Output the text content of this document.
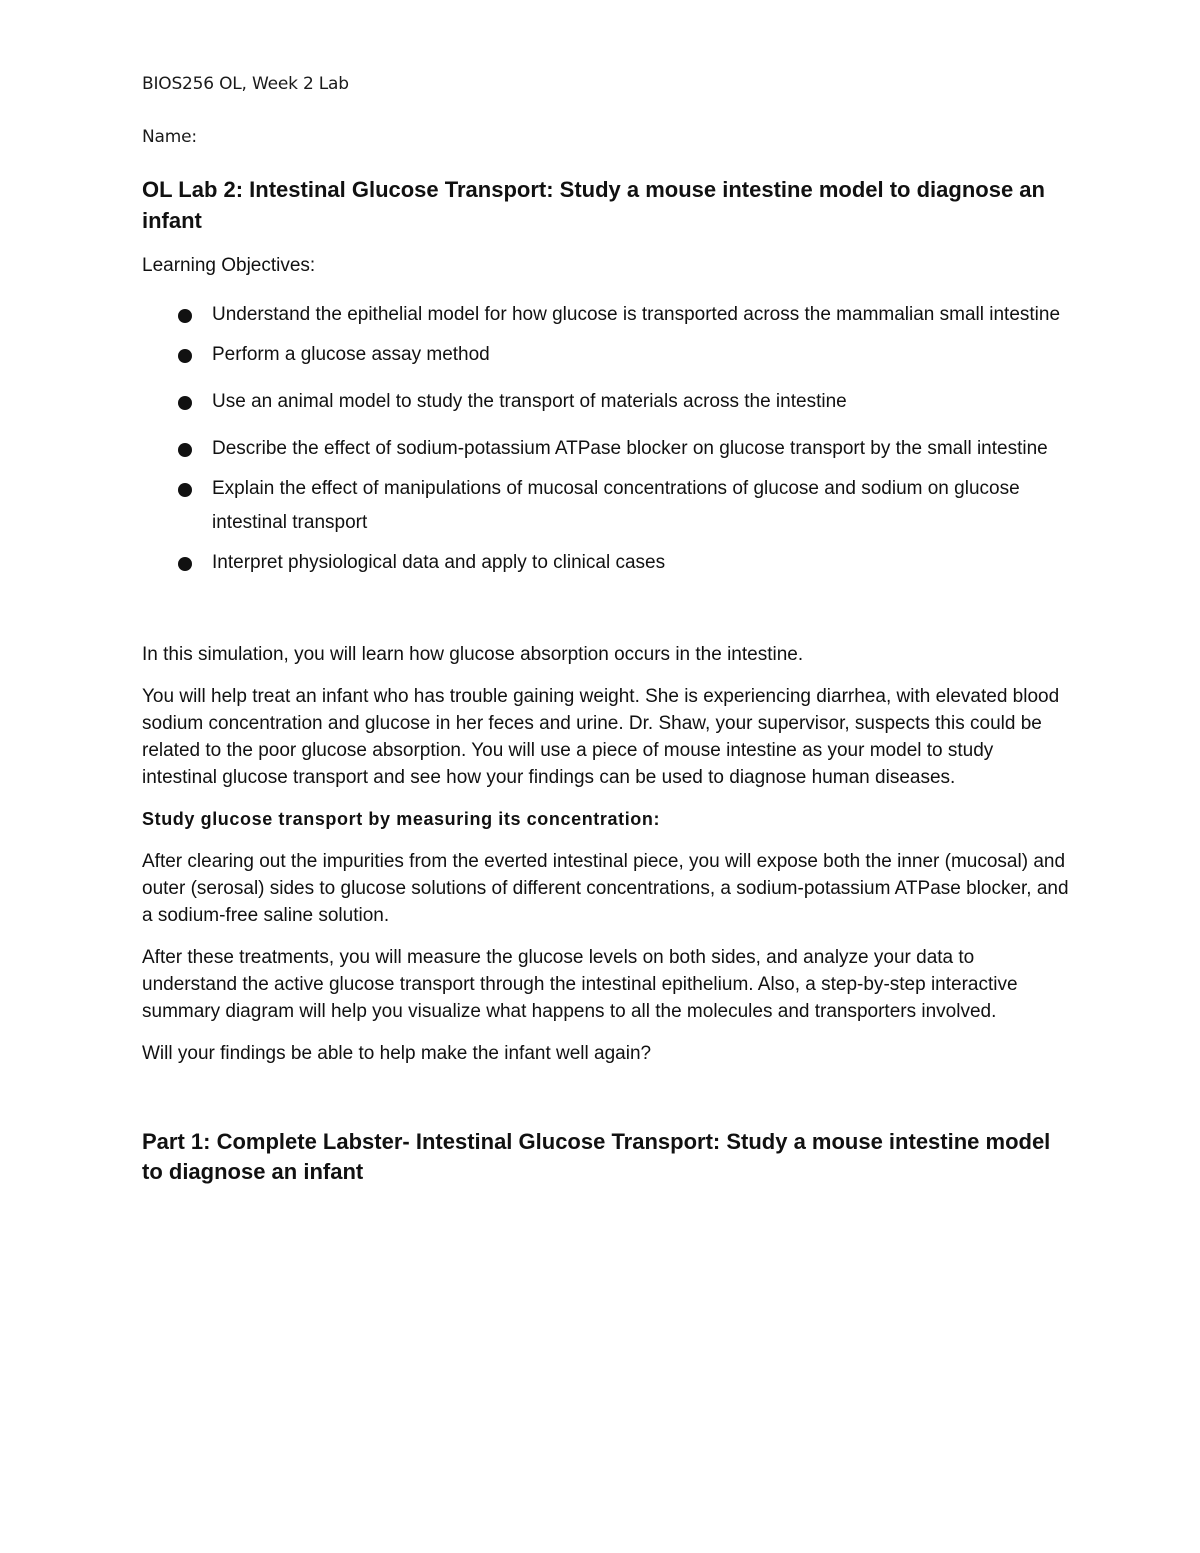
BIOS256 OL, Week 2 Lab
Name:
OL Lab 2: Intestinal Glucose Transport: Study a mouse intestine model to diagnose an infant

Learning Objectives:

Understand the epithelial model for how glucose is transported across the mammalian small intestine
Perform a glucose assay method
Use an animal model to study the transport of materials across the intestine
Describe the effect of sodium-potassium ATPase blocker on glucose transport by the small intestine
Explain the effect of manipulations of mucosal concentrations of glucose and sodium on glucose intestinal transport
Interpret physiological data and apply to clinical cases

In this simulation, you will learn how glucose absorption occurs in the intestine.

You will help treat an infant who has trouble gaining weight. She is experiencing diarrhea, with elevated blood sodium concentration and glucose in her feces and urine. Dr. Shaw, your supervisor, suspects this could be related to the poor glucose absorption. You will use a piece of mouse intestine as your model to study intestinal glucose transport and see how your findings can be used to diagnose human diseases.

Study glucose transport by measuring its concentration:

After clearing out the impurities from the everted intestinal piece, you will expose both the inner (mucosal) and outer (serosal) sides to glucose solutions of different concentrations, a sodium-potassium ATPase blocker, and a sodium-free saline solution.

After these treatments, you will measure the glucose levels on both sides, and analyze your data to understand the active glucose transport through the intestinal epithelium. Also, a step-by-step interactive summary diagram will help you visualize what happens to all the molecules and transporters involved.

Will your findings be able to help make the infant well again?

Part 1: Complete Labster- Intestinal Glucose Transport: Study a mouse intestine model to diagnose an infant
